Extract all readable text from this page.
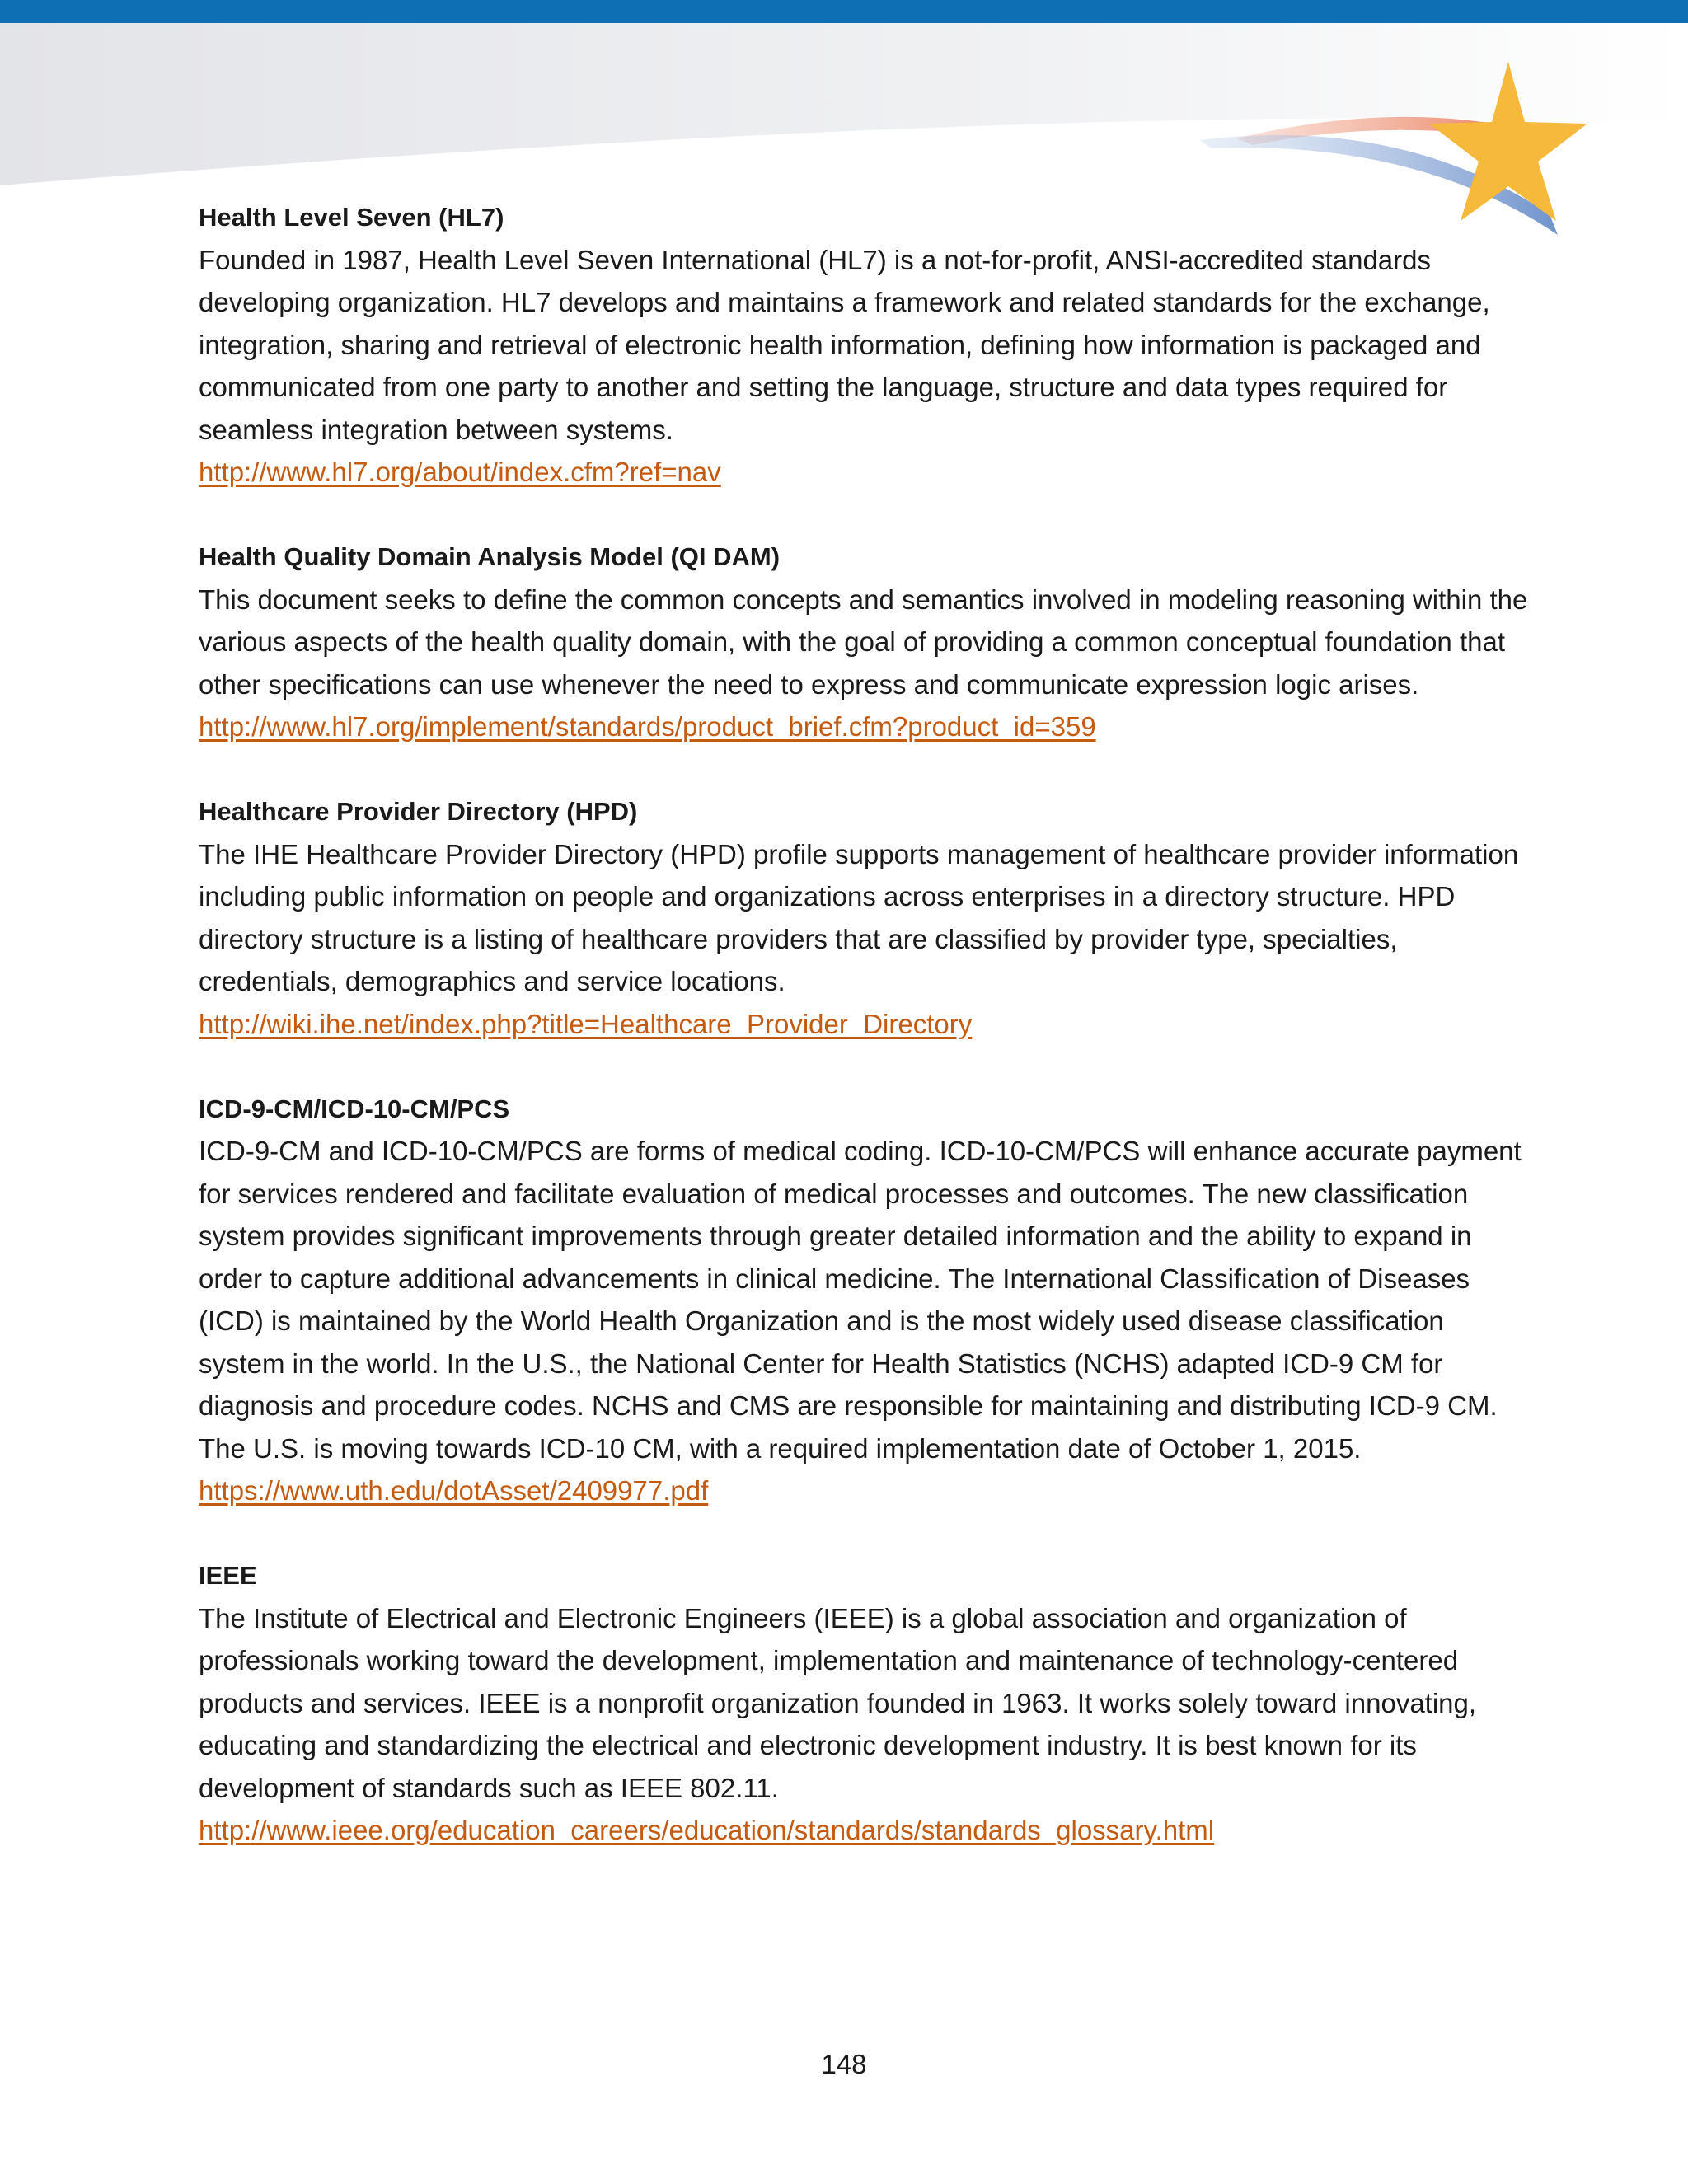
Health Level Seven (HL7)

Founded in 1987, Health Level Seven International (HL7) is a not-for-profit, ANSI-accredited standards developing organization. HL7 develops and maintains a framework and related standards for the exchange, integration, sharing and retrieval of electronic health information, defining how information is packaged and communicated from one party to another and setting the language, structure and data types required for seamless integration between systems.

http://www.hl7.org/about/index.cfm?ref=nav

Health Quality Domain Analysis Model (QI DAM)

This document seeks to define the common concepts and semantics involved in modeling reasoning within the various aspects of the health quality domain, with the goal of providing a common conceptual foundation that other specifications can use whenever the need to express and communicate expression logic arises.

http://www.hl7.org/implement/standards/product_brief.cfm?product_id=359

Healthcare Provider Directory (HPD)

The IHE Healthcare Provider Directory (HPD) profile supports management of healthcare provider information including public information on people and organizations across enterprises in a directory structure. HPD directory structure is a listing of healthcare providers that are classified by provider type, specialties, credentials, demographics and service locations.

http://wiki.ihe.net/index.php?title=Healthcare_Provider_Directory

ICD-9-CM/ICD-10-CM/PCS

ICD-9-CM and ICD-10-CM/PCS are forms of medical coding. ICD-10-CM/PCS will enhance accurate payment for services rendered and facilitate evaluation of medical processes and outcomes. The new classification system provides significant improvements through greater detailed information and the ability to expand in order to capture additional advancements in clinical medicine. The International Classification of Diseases (ICD) is maintained by the World Health Organization and is the most widely used disease classification system in the world. In the U.S., the National Center for Health Statistics (NCHS) adapted ICD-9 CM for diagnosis and procedure codes. NCHS and CMS are responsible for maintaining and distributing ICD-9 CM. The U.S. is moving towards ICD-10 CM, with a required implementation date of October 1, 2015.

https://www.uth.edu/dotAsset/2409977.pdf

IEEE

The Institute of Electrical and Electronic Engineers (IEEE) is a global association and organization of professionals working toward the development, implementation and maintenance of technology-centered products and services. IEEE is a nonprofit organization founded in 1963. It works solely toward innovating, educating and standardizing the electrical and electronic development industry. It is best known for its development of standards such as IEEE 802.11.

http://www.ieee.org/education_careers/education/standards/standards_glossary.html
148
